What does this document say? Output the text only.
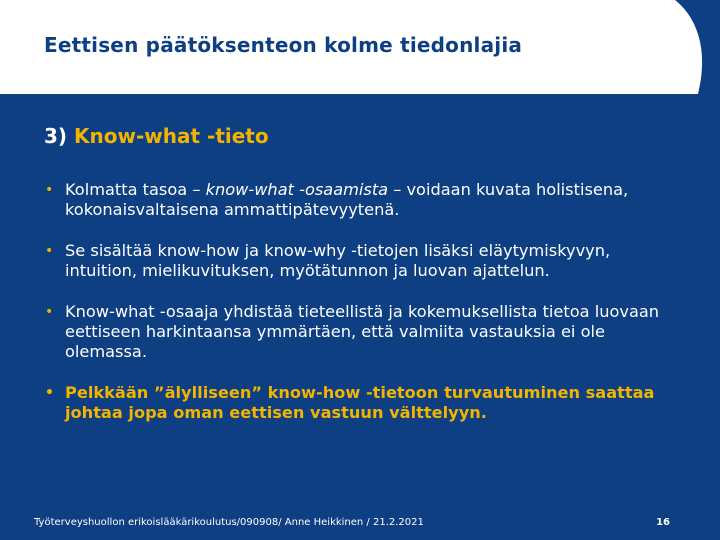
Eettisen päätöksenteon kolme tiedonlajia
3) Know-what -tieto
• Kolmatta tasoa – know-what -osaamista – voidaan kuvata holistisena, kokonaisvaltaisena ammattipätevyytenä.
• Se sisältää know-how ja know-why -tietojen lisäksi eläytymiskyvyn, intuition, mielikuvituksen, myötätunnon ja luovan ajattelun.
• Know-what -osaaja yhdistää tieteellistä ja kokemuksellista tietoa luovaan eettiseen harkintaansa ymmärtäen, että valmiita vastauksia ei ole olemassa.
• Pelkkään ”älylliseen” know-how -tietoon turvautuminen saattaa johtaa jopa oman eettisen vastuun välttelyyn.
Työterveyshuollon erikoislääkärikoulutus/090908/ Anne Heikkinen / 21.2.2021	16
